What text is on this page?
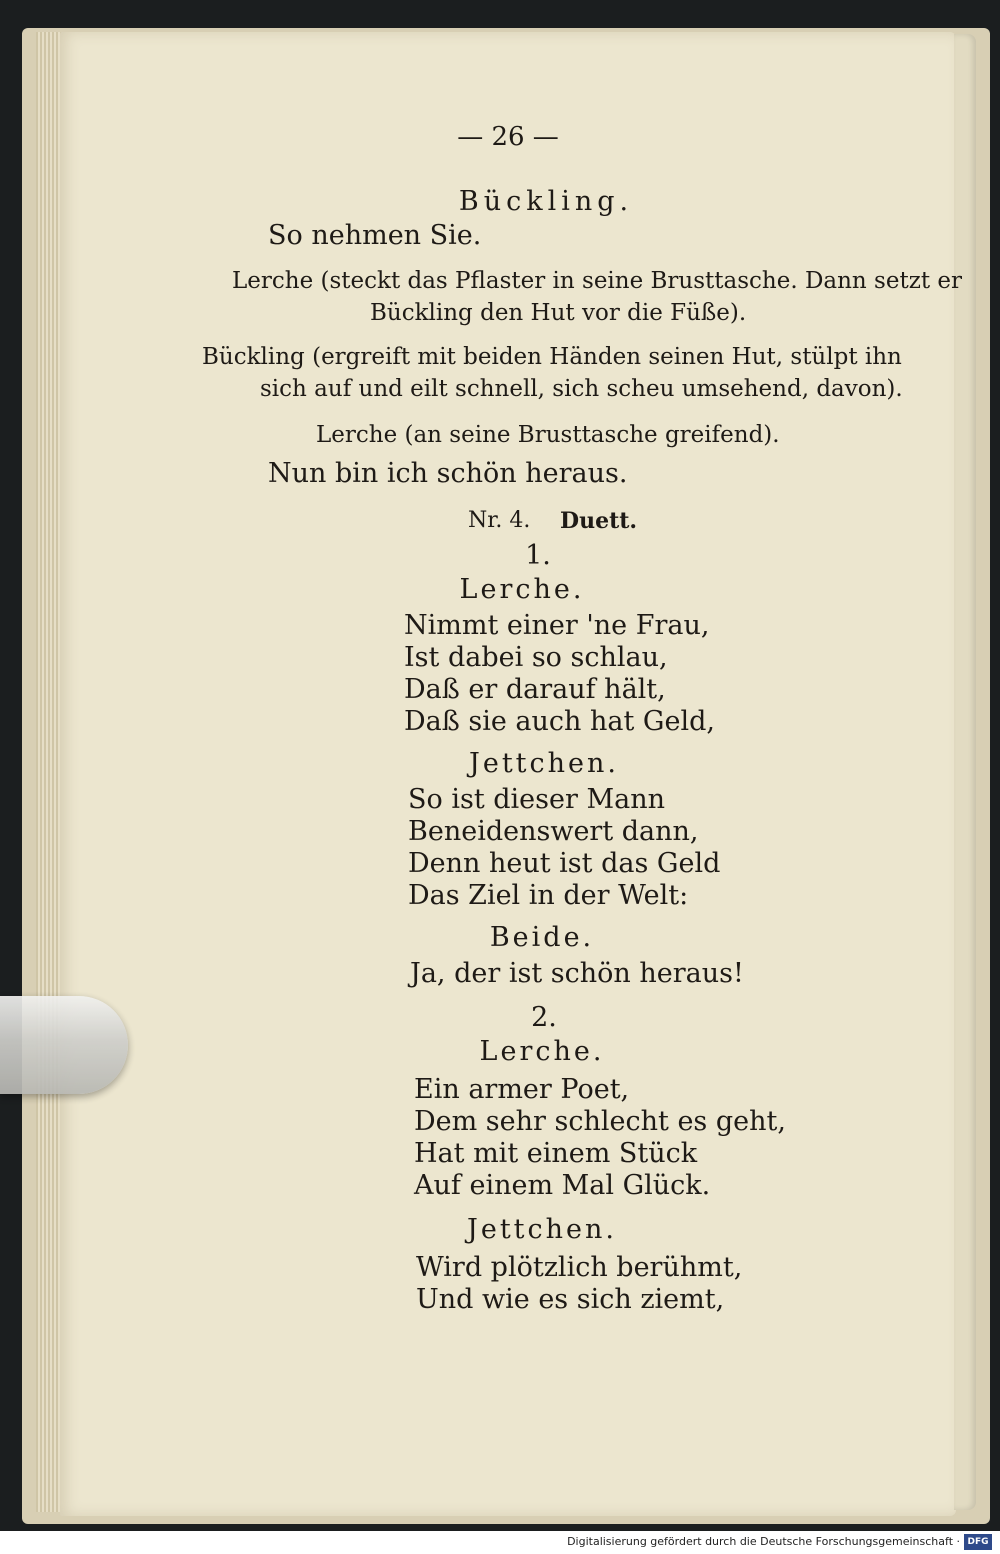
— 26 —
Bückling.
So nehmen Sie.
Lerche (steckt das Pflaster in seine Brusttasche. Dann setzt er
Bückling den Hut vor die Füße).
Bückling (ergreift mit beiden Händen seinen Hut, stülpt ihn
sich auf und eilt schnell, sich scheu umsehend, davon).
Lerche (an seine Brusttasche greifend).
Nun bin ich schön heraus.
Nr. 4. Duett.
1.
Lerche.
Nimmt einer 'ne Frau,
Ist dabei so schlau,
Daß er darauf hält,
Daß sie auch hat Geld,
Jettchen.
So ist dieser Mann
Beneidenswert dann,
Denn heut ist das Geld
Das Ziel in der Welt:
Beide.
Ja, der ist schön heraus!
2.
Lerche.
Ein armer Poet,
Dem sehr schlecht es geht,
Hat mit einem Stück
Auf einem Mal Glück.
Jettchen.
Wird plötzlich berühmt,
Und wie es sich ziemt,
Digitalisierung gefördert durch die Deutsche Forschungsgemeinschaft · DFG
